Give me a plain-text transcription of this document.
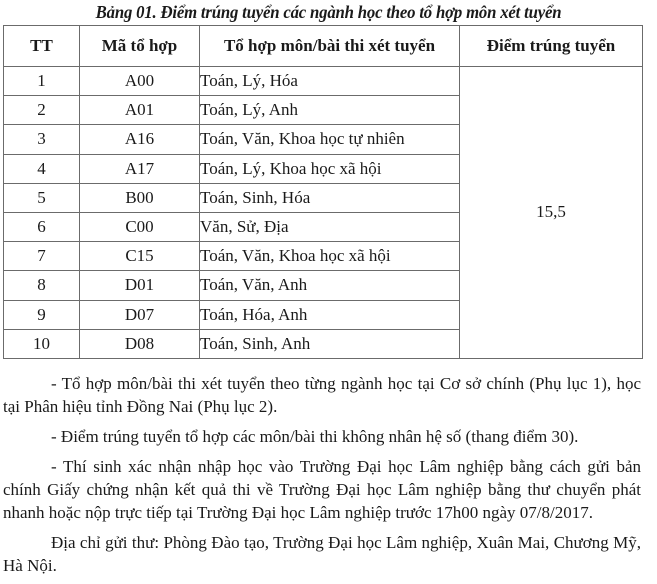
Bảng 01. Điểm trúng tuyển các ngành học theo tổ hợp môn xét tuyển
TT	Mã tổ hợp	Tổ hợp môn/bài thi xét tuyển	Điểm trúng tuyển
1	A00	Toán, Lý, Hóa	15,5
2	A01	Toán, Lý, Anh	
3	A16	Toán, Văn, Khoa học tự nhiên	
4	A17	Toán, Lý, Khoa học xã hội	
5	B00	Toán, Sinh, Hóa	
6	C00	Văn, Sử, Địa	
7	C15	Toán, Văn, Khoa học xã hội	
8	D01	Toán, Văn, Anh	
9	D07	Toán, Hóa, Anh	
10	D08	Toán, Sinh, Anh	

- Tổ hợp môn/bài thi xét tuyển theo từng ngành học tại Cơ sở chính (Phụ lục 1), học tại Phân hiệu tỉnh Đồng Nai (Phụ lục 2).

- Điểm trúng tuyển tổ hợp các môn/bài thi không nhân hệ số (thang điểm 30).

- Thí sinh xác nhận nhập học vào Trường Đại học Lâm nghiệp bằng cách gửi bản chính Giấy chứng nhận kết quả thi về Trường Đại học Lâm nghiệp bằng thư chuyển phát nhanh hoặc nộp trực tiếp tại Trường Đại học Lâm nghiệp trước 17h00 ngày 07/8/2017.

Địa chỉ gửi thư: Phòng Đào tạo, Trường Đại học Lâm nghiệp, Xuân Mai, Chương Mỹ, Hà Nội.
